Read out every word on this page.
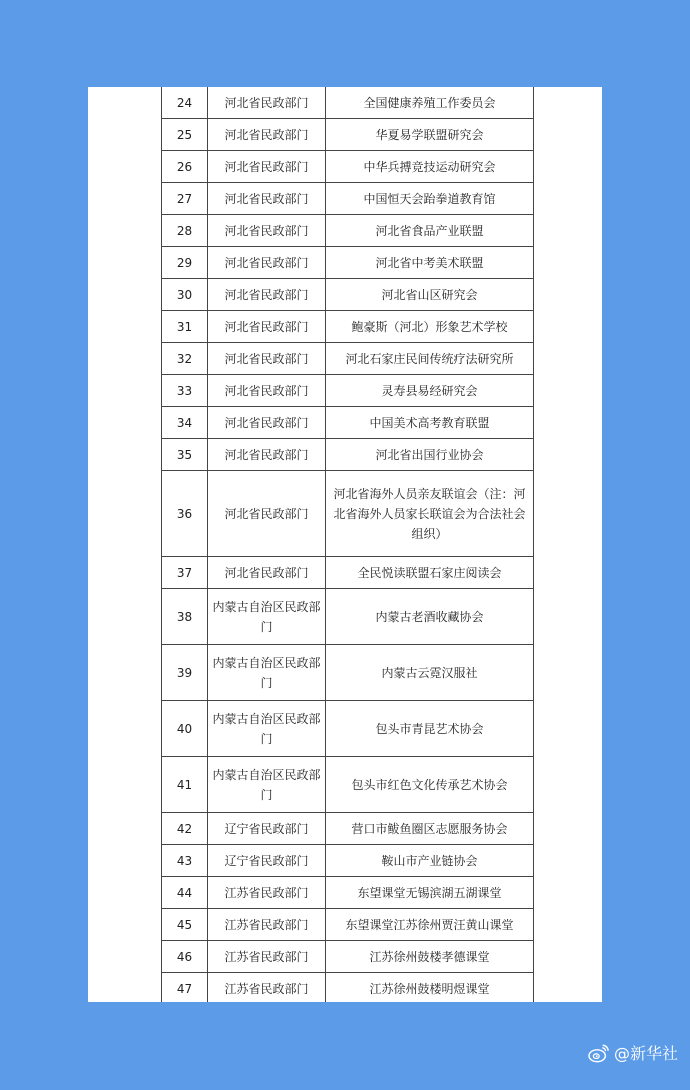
24	河北省民政部门	全国健康养殖工作委员会
25	河北省民政部门	华夏易学联盟研究会
26	河北省民政部门	中华兵搏竞技运动研究会
27	河北省民政部门	中国恒天会跆拳道教育馆
28	河北省民政部门	河北省食品产业联盟
29	河北省民政部门	河北省中考美术联盟
30	河北省民政部门	河北省山区研究会
31	河北省民政部门	鲍豪斯（河北）形象艺术学校
32	河北省民政部门	河北石家庄民间传统疗法研究所
33	河北省民政部门	灵寿县易经研究会
34	河北省民政部门	中国美术高考教育联盟
35	河北省民政部门	河北省出国行业协会
36	河北省民政部门	河北省海外人员亲友联谊会（注：河北省海外人员家长联谊会为合法社会组织）
37	河北省民政部门	全民悦读联盟石家庄阅读会
38	内蒙古自治区民政部门	内蒙古老酒收藏协会
39	内蒙古自治区民政部门	内蒙古云霓汉服社
40	内蒙古自治区民政部门	包头市青昆艺术协会
41	内蒙古自治区民政部门	包头市红色文化传承艺术协会
42	辽宁省民政部门	营口市鲅鱼圈区志愿服务协会
43	辽宁省民政部门	鞍山市产业链协会
44	江苏省民政部门	东望课堂无锡滨湖五湖课堂
45	江苏省民政部门	东望课堂江苏徐州贾汪黄山课堂
46	江苏省民政部门	江苏徐州鼓楼孝德课堂
47	江苏省民政部门	江苏徐州鼓楼明煜课堂
@新华社
